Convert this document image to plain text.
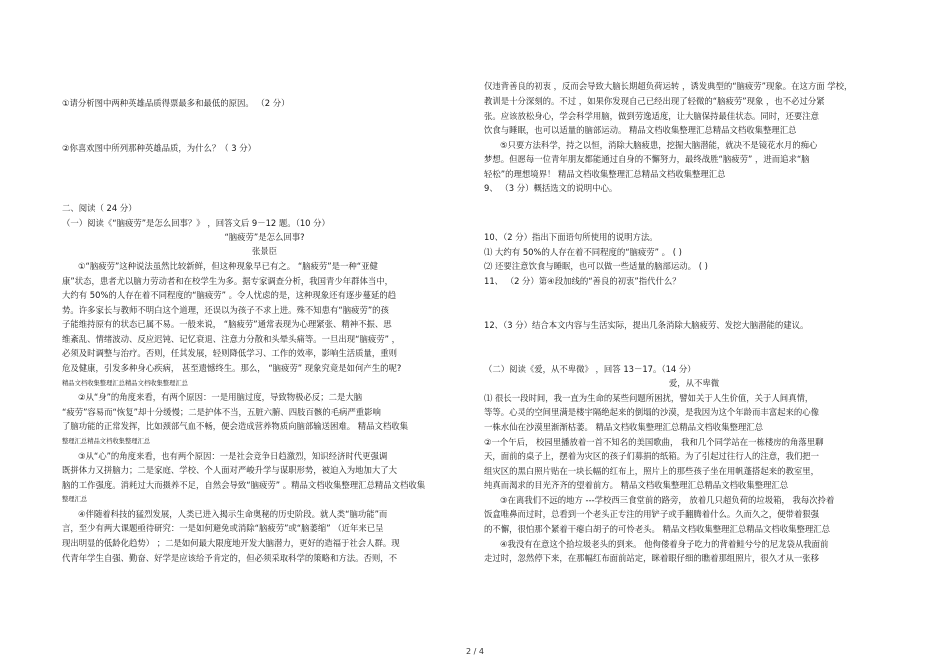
①请分析图中两种英雄品质得票最多和最低的原因。 （2 分）
②你喜欢图中所列那种英雄品质，为什么？（ 3 分）
二、阅读（ 24 分）
（一）阅读《“脑疲劳”是怎么回事？》 ，回答文后 9－12 题。（10 分）
“脑疲劳”是怎么回事?
张景臣
①“脑疲劳”这种说法虽然比较新鲜，但这种现象早已有之。 “脑疲劳”是一种“亚健
康”状态，患者尤以脑力劳动者和在校学生为多。据专家调查分析，我国青少年群体当中，
大约有 50%的人存在着不同程度的“脑疲劳” 。令人忧虑的是，这种现象还有逐步蔓延的趋
势。许多家长与教师不明白这个道理，还误以为孩子不求上进。殊不知患有“脑疲劳”的孩
子能维持原有的状态已属不易。一般来说， “脑疲劳”通常表现为心理紧张、精神不振、思
维紊乱、情绪波动、反应迟钝、记忆衰退、注意力分散和头晕头痛等。一旦出现“脑疲劳” ，
必须及时调整与治疗。否则，任其发展，轻则降低学习、工作的效率，影响生活质量，重则
危及健康，引发多种身心疾病， 甚至遗憾终生。那么， “脑疲劳” 现象究竟是如何产生的呢?
精品文档收集整理汇总精品文档收集整理汇总
②从“身”的角度来看，有两个原因：一是用脑过度，导致物极必反；二是大脑
“疲劳”容易而“恢复”却十分缓慢；二是护体不当，五脏六腑、四肢百骸的毛病严重影响
了脑功能的正常发挥，比如颈部气血不畅，便会造成营养物质向脑部输送困难。 精品文档收集
整理汇总精品文档收集整理汇总
③从“心”的角度来看，也有两个原因：一是社会竞争日趋激烈，知识经济时代更强调
既拼体力又拼脑力；二是家庭、学校、个人面对严峻升学与谋职形势，被迫入为地加大了大
脑的工作强度。消耗过大而摄养不足，自然会导致“脑疲劳” 。精品文档收集整理汇总精品文档收集
整理汇总
④伴随着科技的猛烈发展，人类已进入揭示生命奥秘的历史阶段。就人类“脑功能”而
言，至少有两大课题亟待研究：一是如何避免或消除“脑疲劳”或“脑萎缩” （近年来已呈
现出明显的低龄化趋势） ；二是如何最大限度地开发大脑潜力，更好的造福于社会人群。现
代青年学生自强、勤奋、好学是应该给予肯定的，但必须采取科学的策略和方法。否则，不
仅违背善良的初衷 ，反而会导致大脑长期超负荷运转 ，诱发典型的“脑疲劳”现象。在这方面 学校，
教训是十分深刻的。不过 ，如果你发现自己已经出现了轻微的“脑疲劳”现象 ，也不必过分紧
张。应该放松身心，学会科学用脑，做到劳逸适度，让大脑保持最佳状态。同时，还要注意
饮食与睡眠，也可以适量的脑部运动。 精品文档收集整理汇总精品文档收集整理汇总
⑤只要方法科学，持之以恒，消除大脑疲患，挖掘大脑潜能，就决不是镜花水月的痴心
梦想。但愿每一位青年朋友都能通过自身的不懈努力，最终战胜“脑疲劳” ，进而追求“脑
轻松”的理想境界！ 精品文档收集整理汇总精品文档收集整理汇总
9、 （3 分）概括选文的说明中心。
10、（2 分）指出下面语句所使用的说明方法。
⑴ 大约有 50%的人存在着不同程度的“脑疲劳” 。 ( )
⑵ 还要注意饮食与睡眠，也可以做一些适量的脑部运动。 ( )
11、 （2 分）第④段加线的“善良的初衷”指代什么？
12、（3 分）结合本文内容与生活实际，提出几条消除大脑疲劳、发挖大脑潜能的建议。
（二）阅读《爱，从不卑微》 ，回答 13－17。（14 分）
爱，从不卑微
⑴ 很长一段时间，我一直为生命的某些问题所困扰，譬如关于人生价值，关于人间真情，
等等。心灵的空间里满是楼宇隔绝起来的倒塌的沙漠，是我因为这个年龄而丰富起来的心像
一株水仙在沙漠里渐渐枯萎。 精品文档收集整理汇总精品文档收集整理汇总
②一个午后， 校园里播放着一首不知名的美国歌曲， 我和几个同学站在一栋楼房的角落里聊
天，面前的桌子上，摆着为灾区的孩子们募捐的纸箱。为了引起过往行人的注意，我们把一
组灾区的黑白照片贴在一块长幅的红布上，照片上的那些孩子坐在用帆蓬搭起来的教室里，
纯真而渴求的目光齐齐的望着前方。 精品文档收集整理汇总精品文档收集整理汇总
③在离我们不远的地方 ---学校西三食堂前的路旁， 放着几只超负荷的垃圾箱， 我每次拎着
饭盒唯鼻而过时，总看到一个老头正专注的用铲子或手翻腾着什么。久而久之，便带着狠强
的不懈，很怕那个紧着干瘪白胡子的可怜老头。 精品文档收集整理汇总精品文档收集整理汇总
④我没有在意这个拾垃圾老头的到来。 他佝偻着身子吃力的背着鲑兮兮的尼龙袋从我面前
走过时，忽然停下来，在那幅红布面前站定，眯着眼仔细的瞧着那组照片，很久才从一张移
2 / 4
